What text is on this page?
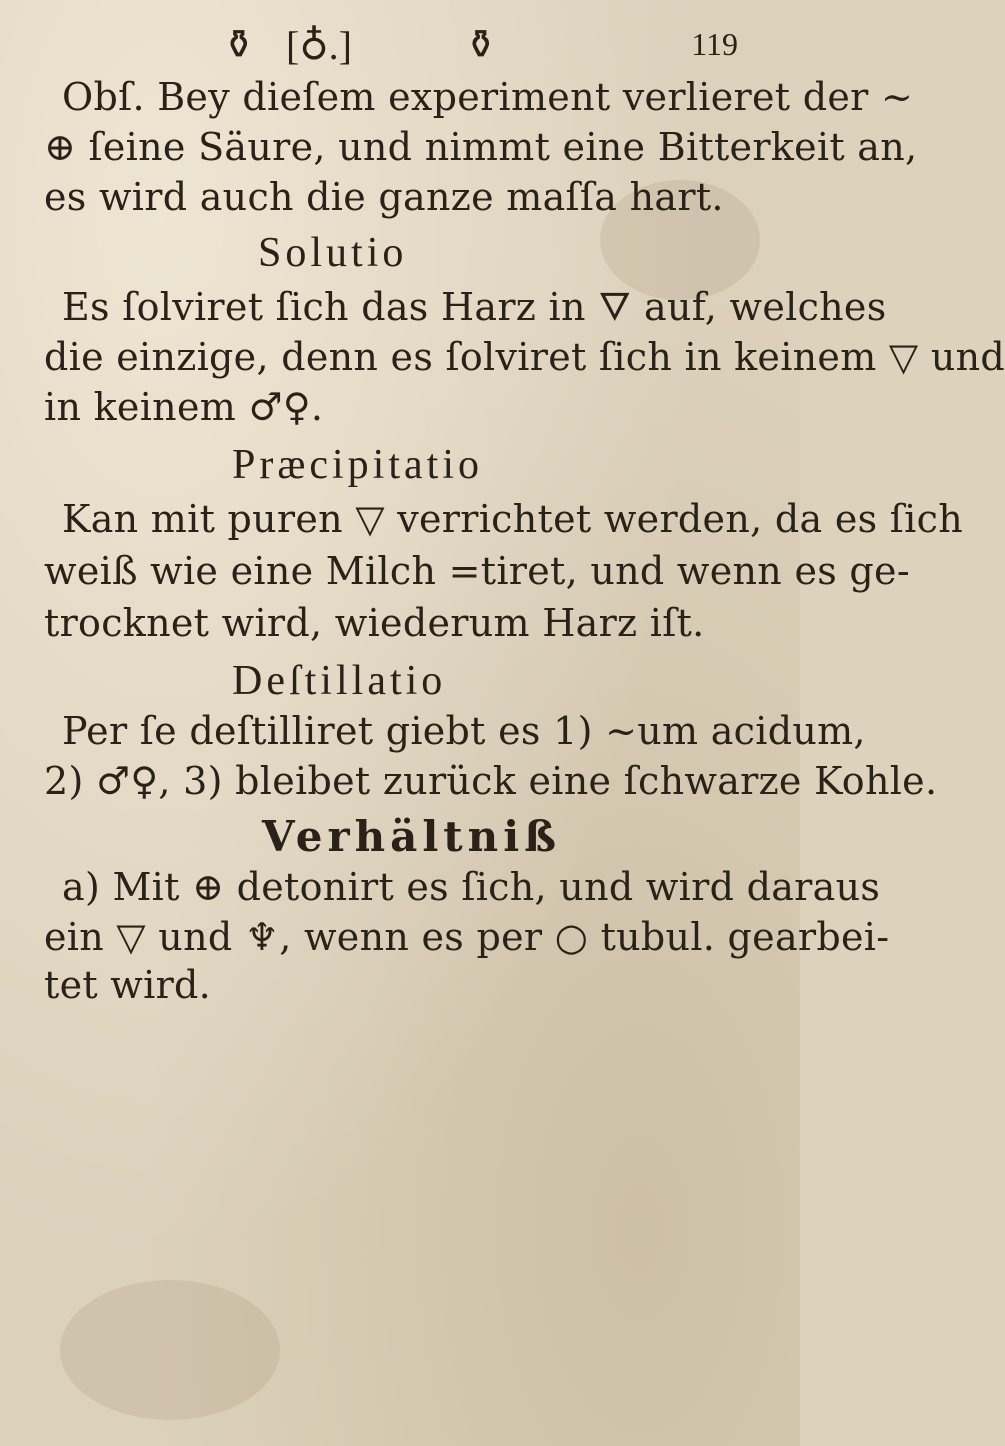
⚱ [♁.]	⚱	119
Obſ. Bey dieſem experiment verlieret der ~
⊕ ſeine Säure, und nimmt eine Bitterkeit an,
es wird auch die ganze maſſa hart.
Solutio
Es ſolviret ſich das Harz in 🜄 auf, welches
die einzige, denn es ſolviret ſich in keinem ▽ und
in keinem ♂♀.
Præcipitatio
Kan mit puren ▽ verrichtet werden, da es ſich
weiß wie eine Milch =tiret, und wenn es ge-
trocknet wird, wiederum Harz iſt.
Deſtillatio
Per ſe deſtilliret giebt es 1) ~um acidum,
2) ♂♀, 3) bleibet zurück eine ſchwarze Kohle.
Verhältniß
a) Mit ⊕ detonirt es ſich, und wird daraus
ein ▽ und ♆, wenn es per ○ tubul. gearbei-
tet wird.
